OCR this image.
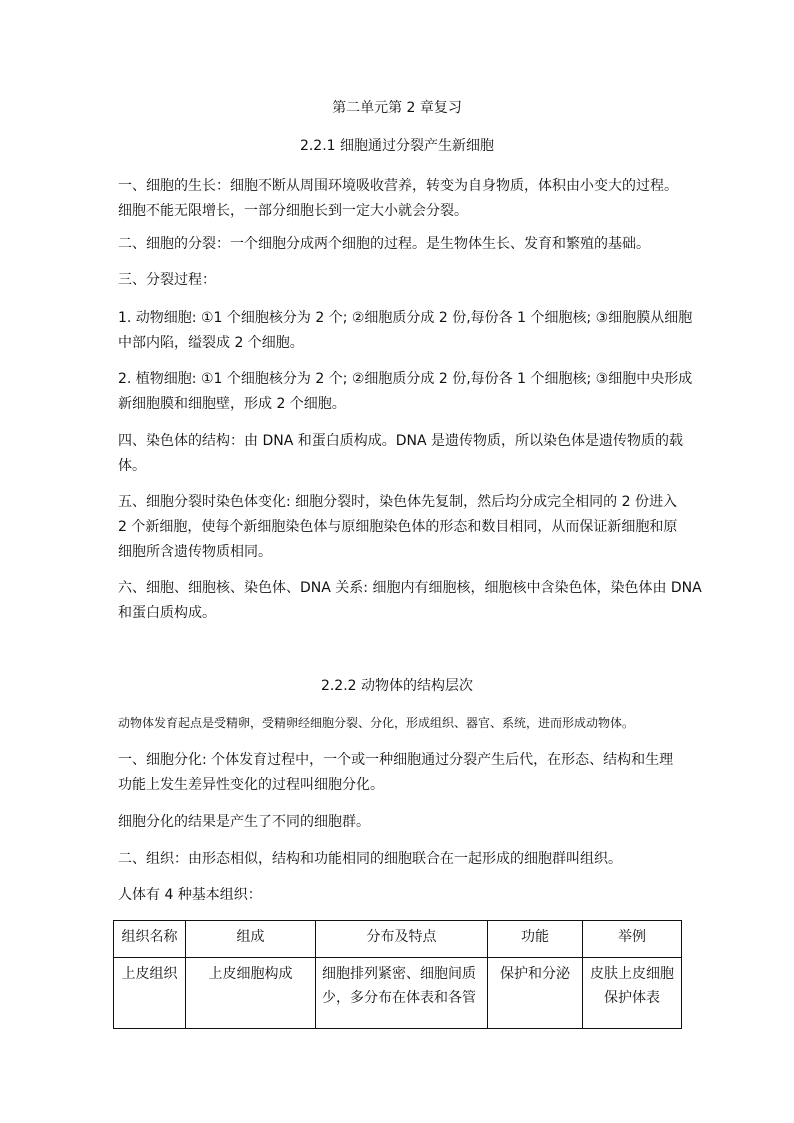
第二单元第 2 章复习
2.2.1 细胞通过分裂产生新细胞
一、细胞的生长：细胞不断从周围环境吸收营养，转变为自身物质，体积由小变大的过程。
细胞不能无限增长，一部分细胞长到一定大小就会分裂。
二、细胞的分裂：一个细胞分成两个细胞的过程。是生物体生长、发育和繁殖的基础。
三、分裂过程：
1. 动物细胞: ①1 个细胞核分为 2 个; ②细胞质分成 2 份,每份各 1 个细胞核; ③细胞膜从细胞
中部内陷，缢裂成 2 个细胞。
2. 植物细胞: ①1 个细胞核分为 2 个; ②细胞质分成 2 份,每份各 1 个细胞核; ③细胞中央形成
新细胞膜和细胞壁，形成 2 个细胞。
四、染色体的结构：由 DNA 和蛋白质构成。DNA 是遗传物质，所以染色体是遗传物质的载
体。
五、细胞分裂时染色体变化: 细胞分裂时，染色体先复制，然后均分成完全相同的 2 份进入
2 个新细胞，使每个新细胞染色体与原细胞染色体的形态和数目相同，从而保证新细胞和原
细胞所含遗传物质相同。
六、细胞、细胞核、染色体、DNA 关系: 细胞内有细胞核，细胞核中含染色体，染色体由 DNA
和蛋白质构成。
2.2.2 动物体的结构层次
动物体发育起点是受精卵，受精卵经细胞分裂、分化，形成组织、器官、系统，进而形成动物体。
一、细胞分化: 个体发育过程中，一个或一种细胞通过分裂产生后代，在形态、结构和生理
功能上发生差异性变化的过程叫细胞分化。
细胞分化的结果是产生了不同的细胞群。
二、组织：由形态相似，结构和功能相同的细胞联合在一起形成的细胞群叫组织。
人体有 4 种基本组织：
组织名称	组成	分布及特点	功能	举例
上皮组织	上皮细胞构成	细胞排列紧密、细胞间质
少，多分布在体表和各管	保护和分泌	皮肤上皮细胞
保护体表
